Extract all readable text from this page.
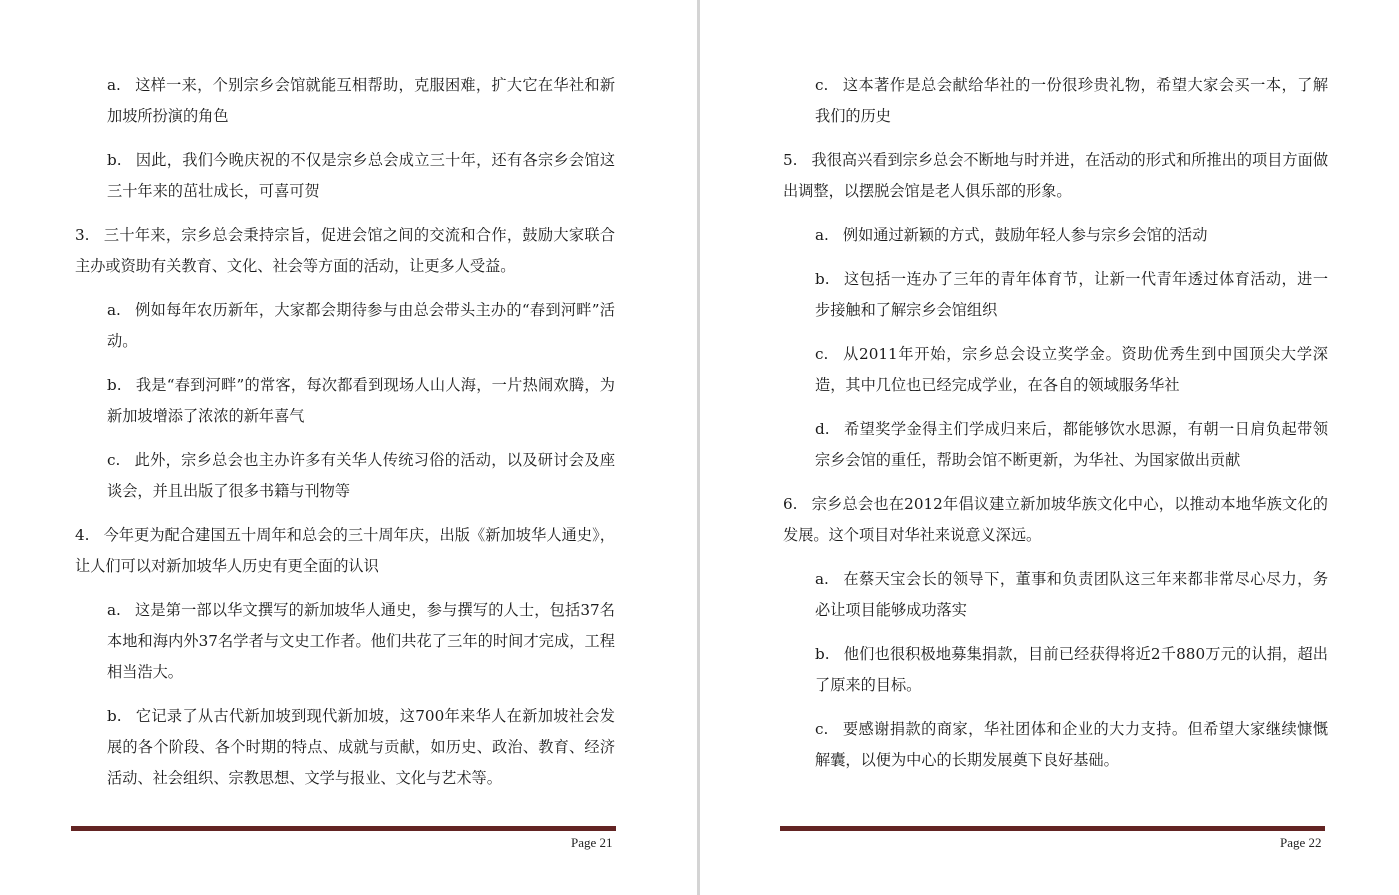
a. 这样一来，个别宗乡会馆就能互相帮助，克服困难，扩大它在华社和新加坡所扮演的角色

b. 因此，我们今晚庆祝的不仅是宗乡总会成立三十年，还有各宗乡会馆这三十年来的茁壮成长，可喜可贺

3. 三十年来，宗乡总会秉持宗旨，促进会馆之间的交流和合作，鼓励大家联合主办或资助有关教育、文化、社会等方面的活动，让更多人受益。

a. 例如每年农历新年，大家都会期待参与由总会带头主办的“春到河畔”活动。

b. 我是“春到河畔”的常客，每次都看到现场人山人海，一片热闹欢腾，为新加坡增添了浓浓的新年喜气

c. 此外，宗乡总会也主办许多有关华人传统习俗的活动，以及研讨会及座谈会，并且出版了很多书籍与刊物等

4. 今年更为配合建国五十周年和总会的三十周年庆，出版《新加坡华人通史》，让人们可以对新加坡华人历史有更全面的认识

a. 这是第一部以华文撰写的新加坡华人通史，参与撰写的人士，包括37名本地和海内外37名学者与文史工作者。他们共花了三年的时间才完成，工程相当浩大。

b. 它记录了从古代新加坡到现代新加坡，这700年来华人在新加坡社会发展的各个阶段、各个时期的特点、成就与贡献，如历史、政治、教育、经济活动、社会组织、宗教思想、文学与报业、文化与艺术等。

Page 21

c. 这本著作是总会献给华社的一份很珍贵礼物，希望大家会买一本，了解我们的历史

5. 我很高兴看到宗乡总会不断地与时并进，在活动的形式和所推出的项目方面做出调整，以摆脱会馆是老人俱乐部的形象。

a. 例如通过新颖的方式，鼓励年轻人参与宗乡会馆的活动

b. 这包括一连办了三年的青年体育节，让新一代青年透过体育活动，进一步接触和了解宗乡会馆组织

c. 从2011年开始，宗乡总会设立奖学金。资助优秀生到中国顶尖大学深造，其中几位也已经完成学业，在各自的领域服务华社

d. 希望奖学金得主们学成归来后，都能够饮水思源，有朝一日肩负起带领宗乡会馆的重任，帮助会馆不断更新，为华社、为国家做出贡献

6. 宗乡总会也在2012年倡议建立新加坡华族文化中心，以推动本地华族文化的发展。这个项目对华社来说意义深远。

a. 在蔡天宝会长的领导下，董事和负责团队这三年来都非常尽心尽力，务必让项目能够成功落实

b. 他们也很积极地募集捐款，目前已经获得将近2千880万元的认捐，超出了原来的目标。

c. 要感谢捐款的商家，华社团体和企业的大力支持。但希望大家继续慷慨解囊，以便为中心的长期发展奠下良好基础。

Page 22
